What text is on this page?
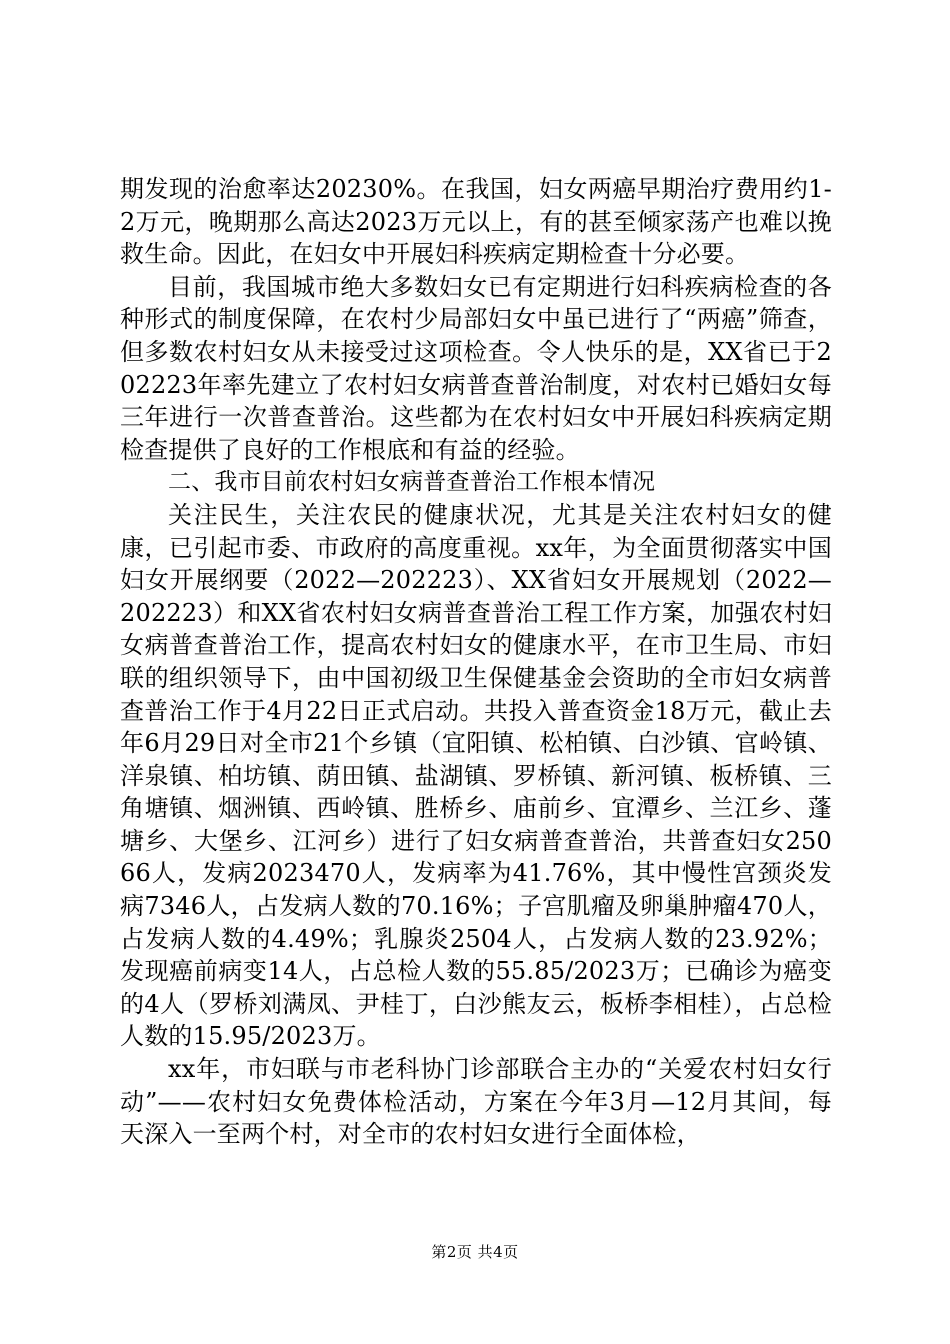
期发现的治愈率达20230%。在我国，妇女两癌早期治疗费用约1-2万元，晚期那么高达2023万元以上，有的甚至倾家荡产也难以挽救生命。因此，在妇女中开展妇科疾病定期检查十分必要。

目前，我国城市绝大多数妇女已有定期进行妇科疾病检查的各种形式的制度保障，在农村少局部妇女中虽已进行了“两癌”筛查，但多数农村妇女从未接受过这项检查。令人快乐的是，XX省已于202223年率先建立了农村妇女病普查普治制度，对农村已婚妇女每三年进行一次普查普治。这些都为在农村妇女中开展妇科疾病定期检查提供了良好的工作根底和有益的经验。

二、我市目前农村妇女病普查普治工作根本情况

关注民生，关注农民的健康状况，尤其是关注农村妇女的健康，已引起市委、市政府的高度重视。xx年，为全面贯彻落实中国妇女开展纲要（2022—202223）、XX省妇女开展规划（2022—202223）和XX省农村妇女病普查普治工程工作方案，加强农村妇女病普查普治工作，提高农村妇女的健康水平，在市卫生局、市妇联的组织领导下，由中国初级卫生保健基金会资助的全市妇女病普查普治工作于4月22日正式启动。共投入普查资金18万元，截止去年6月29日对全市21个乡镇（宜阳镇、松柏镇、白沙镇、官岭镇、洋泉镇、柏坊镇、荫田镇、盐湖镇、罗桥镇、新河镇、板桥镇、三角塘镇、烟洲镇、西岭镇、胜桥乡、庙前乡、宜潭乡、兰江乡、蓬塘乡、大堡乡、江河乡）进行了妇女病普查普治，共普查妇女25066人，发病2023470人，发病率为41.76%，其中慢性宫颈炎发病7346人，占发病人数的70.16%；子宫肌瘤及卵巢肿瘤470人，占发病人数的4.49%；乳腺炎2504人，占发病人数的23.92%；发现癌前病变14人，占总检人数的55.85/2023万；已确诊为癌变的4人（罗桥刘满凤、尹桂丁，白沙熊友云，板桥李相桂），占总检人数的15.95/2023万。

xx年，市妇联与市老科协门诊部联合主办的“关爱农村妇女行动”——农村妇女免费体检活动，方案在今年3月—12月其间，每天深入一至两个村，对全市的农村妇女进行全面体检，

第2页 共4页
